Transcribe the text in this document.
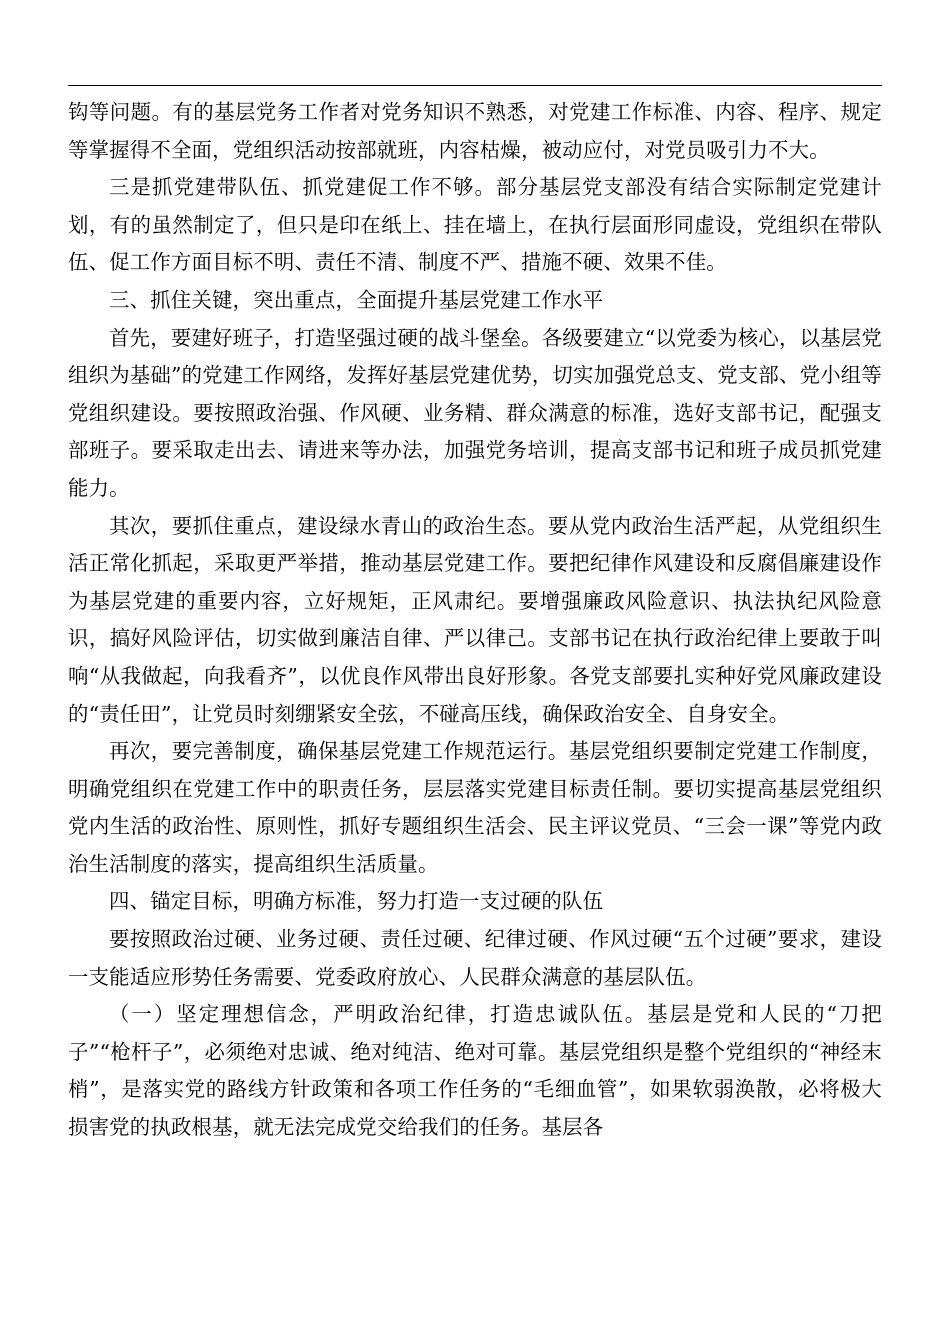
钩等问题。有的基层党务工作者对党务知识不熟悉，对党建工作标准、内容、程序、规定等掌握得不全面，党组织活动按部就班，内容枯燥，被动应付，对党员吸引力不大。

三是抓党建带队伍、抓党建促工作不够。部分基层党支部没有结合实际制定党建计划，有的虽然制定了，但只是印在纸上、挂在墙上，在执行层面形同虚设，党组织在带队伍、促工作方面目标不明、责任不清、制度不严、措施不硬、效果不佳。

三、抓住关键，突出重点，全面提升基层党建工作水平

首先，要建好班子，打造坚强过硬的战斗堡垒。各级要建立“以党委为核心，以基层党组织为基础”的党建工作网络，发挥好基层党建优势，切实加强党总支、党支部、党小组等党组织建设。要按照政治强、作风硬、业务精、群众满意的标准，选好支部书记，配强支部班子。要采取走出去、请进来等办法，加强党务培训，提高支部书记和班子成员抓党建能力。

其次，要抓住重点，建设绿水青山的政治生态。要从党内政治生活严起，从党组织生活正常化抓起，采取更严举措，推动基层党建工作。要把纪律作风建设和反腐倡廉建设作为基层党建的重要内容，立好规矩，正风肃纪。要增强廉政风险意识、执法执纪风险意识，搞好风险评估，切实做到廉洁自律、严以律己。支部书记在执行政治纪律上要敢于叫响“从我做起，向我看齐”，以优良作风带出良好形象。各党支部要扎实种好党风廉政建设的“责任田”，让党员时刻绷紧安全弦，不碰高压线，确保政治安全、自身安全。

再次，要完善制度，确保基层党建工作规范运行。基层党组织要制定党建工作制度，明确党组织在党建工作中的职责任务，层层落实党建目标责任制。要切实提高基层党组织党内生活的政治性、原则性，抓好专题组织生活会、民主评议党员、“三会一课”等党内政治生活制度的落实，提高组织生活质量。

四、锚定目标，明确方标准，努力打造一支过硬的队伍

要按照政治过硬、业务过硬、责任过硬、纪律过硬、作风过硬“五个过硬”要求，建设一支能适应形势任务需要、党委政府放心、人民群众满意的基层队伍。

（一）坚定理想信念，严明政治纪律，打造忠诚队伍。基层是党和人民的“刀把子”“枪杆子”，必须绝对忠诚、绝对纯洁、绝对可靠。基层党组织是整个党组织的“神经末梢”，是落实党的路线方针政策和各项工作任务的“毛细血管”，如果软弱涣散，必将极大损害党的执政根基，就无法完成党交给我们的任务。基层各
